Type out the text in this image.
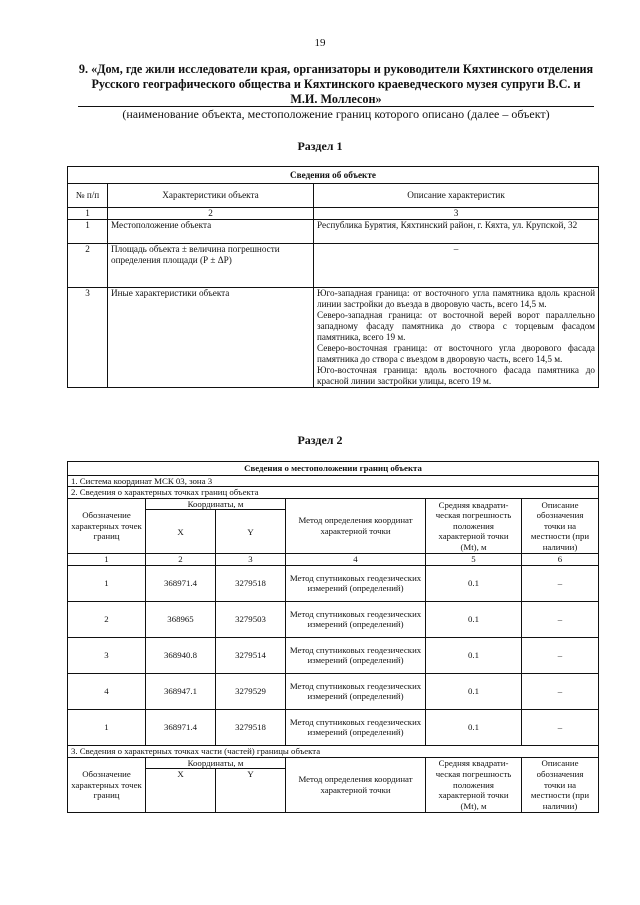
19
9. «Дом, где жили исследователи края, организаторы и руководители Кяхтинского отделения Русского географического общества и Кяхтинского краеведческого музея супруги В.С. и М.И. Моллесон»
(наименование объекта, местоположение границ которого описано (далее – объект)
Раздел 1
Сведения об объекте		
№ п/п	Характеристики объекта	Описание характеристик
1	2	3
1	Местоположение объекта	Республика Бурятия, Кяхтинский район, г. Кяхта, ул. Крупской, 32
2	Площадь объекта ± величина погрешности определения площади (Р ± ΔР)	–
3	Иные характеристики объекта	Юго-западная граница: от восточного угла памятника вдоль красной линии застройки до въезда в дворовую часть, всего 14,5 м.
Северо-западная граница: от восточной верей ворот параллельно западному фасаду памятника до створа с торцевым фасадом памятника, всего 19 м.
Северо-восточная граница: от восточного угла дворового фасада памятника до створа с въездом в дворовую часть, всего 14,5 м.
Юго-восточная граница: вдоль восточного фасада памятника до красной линии застройки улицы, всего 19 м.
Раздел 2
Сведения о местоположении границ объекта					
1. Система координат МСК 03, зона 3					
2. Сведения о характерных точках границ объекта					
Обозначение характерных точек границ	Координаты, м		Метод определения координат характерной точки	Средняя квадрати-ческая погрешность положения характерной точки (Mt), м	Описание обозначения точки на местности (при наличии)
	X	Y			
1	2	3	4	5	6
1	368971.4	3279518	Метод спутниковых геодезических измерений (определений)	0.1	–
2	368965	3279503	Метод спутниковых геодезических измерений (определений)	0.1	–
3	368940.8	3279514	Метод спутниковых геодезических измерений (определений)	0.1	–
4	368947.1	3279529	Метод спутниковых геодезических измерений (определений)	0.1	–
1	368971.4	3279518	Метод спутниковых геодезических измерений (определений)	0.1	–
3. Сведения о характерных точках части (частей) границы объекта					
Обозначение характерных точек границ	Координаты, м		Метод определения координат характерной точки	Средняя квадрати-ческая погрешность положения характерной точки (Mt), м	Описание обозначения точки на местности (при наличии)
	X	Y			
